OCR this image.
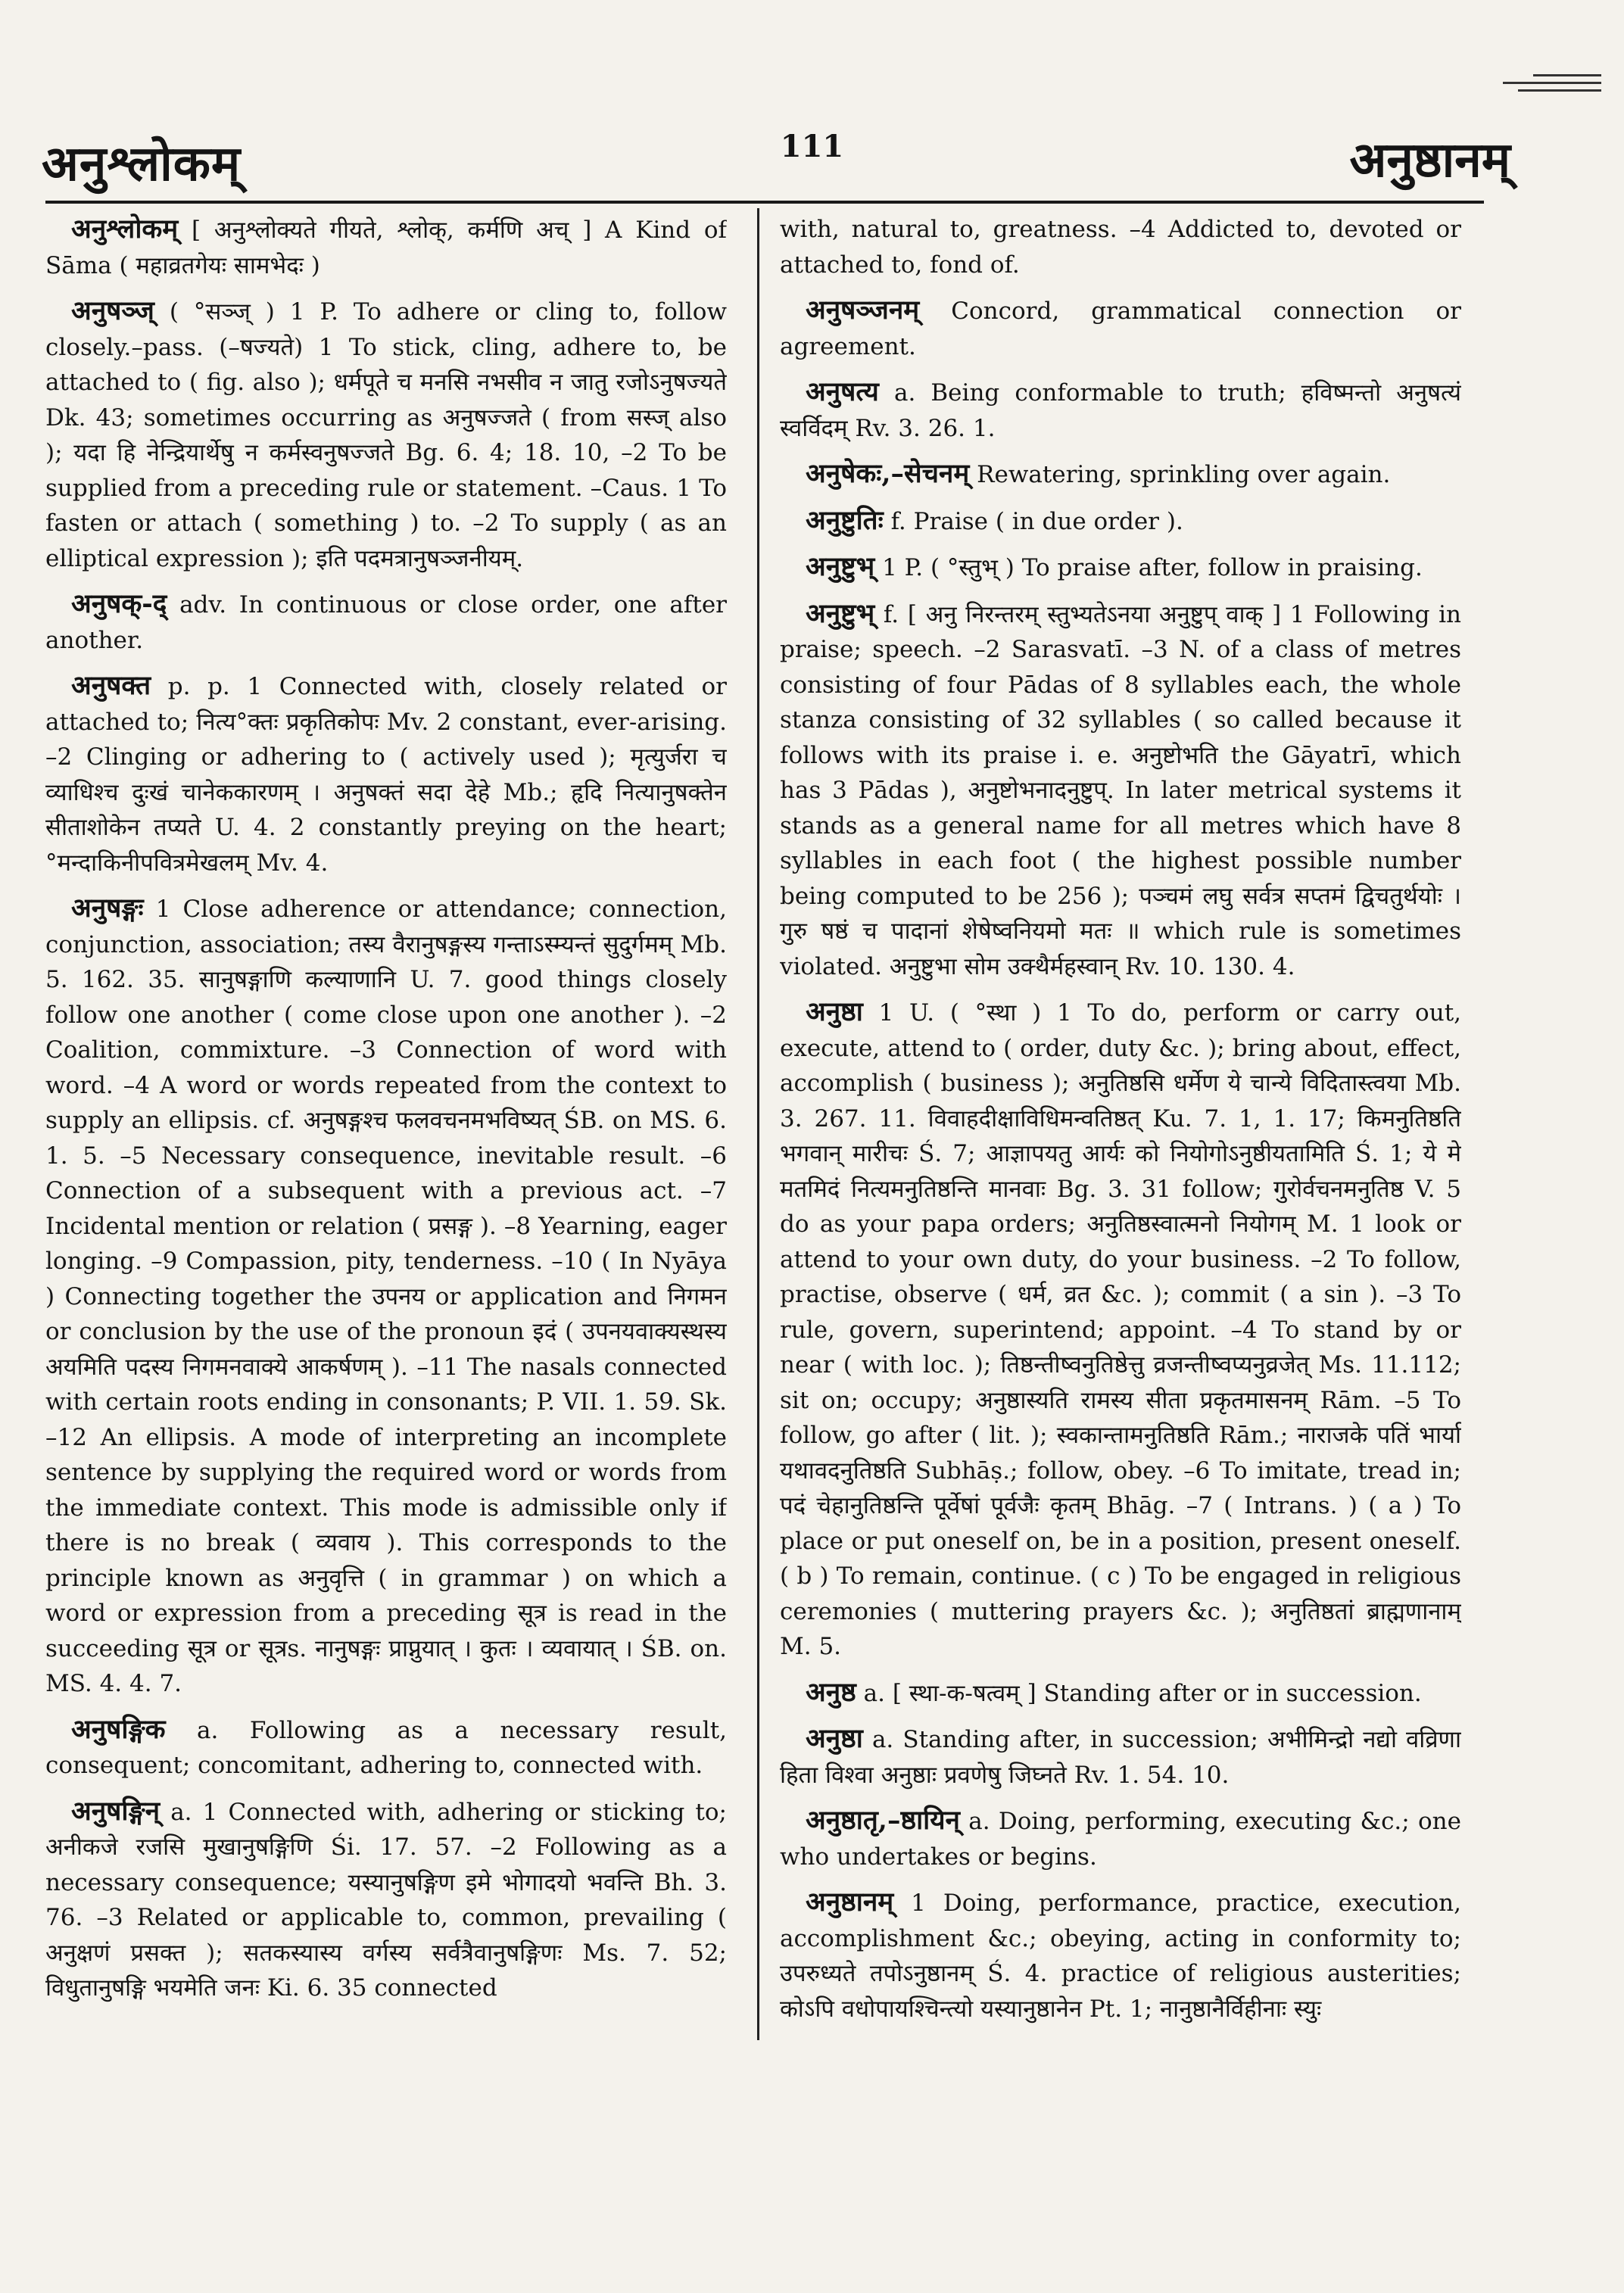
अनुश्लोकम्	111	अनुष्ठानम्

अनुश्लोकम् [ अनुश्लोक्यते गीयते, श्लोक्, कर्मणि अच् ] A Kind of Sāma ( महाव्रतगेयः सामभेदः )

अनुषञ्ज् ( °सञ्ज् ) 1 P. To adhere or cling to, follow closely.–pass. (–षज्यते) 1 To stick, cling, adhere to, be attached to ( fig. also ); धर्मपूते च मनसि नभसीव न जातु रजोऽनुषज्यते Dk. 43; sometimes occurring as अनुषज्जते ( from सस्ज् also ); यदा हि नेन्द्रियार्थेषु न कर्मस्वनुषज्जते Bg. 6. 4; 18. 10, –2 To be supplied from a preceding rule or statement. –Caus. 1 To fasten or attach ( something ) to. –2 To supply ( as an elliptical expression ); इति पदमत्रानुषञ्जनीयम्.

अनुषक्-द् adv. In continuous or close order, one after another.

अनुषक्त p. p. 1 Connected with, closely related or attached to; नित्य°क्तः प्रकृतिकोपः Mv. 2 constant, ever-arising. –2 Clinging or adhering to ( actively used ); मृत्युर्जरा च व्याधिश्च दुःखं चानेककारणम् । अनुषक्तं सदा देहे Mb.; हृदि नित्यानुषक्तेन सीताशोकेन तप्यते U. 4. 2 constantly preying on the heart; °मन्दाकिनीपवित्रमेखलम् Mv. 4.

अनुषङ्गः 1 Close adherence or attendance; connection, conjunction, association; तस्य वैरानुषङ्गस्य गन्ताऽस्म्यन्तं सुदुर्गमम् Mb. 5. 162. 35. सानुषङ्गाणि कल्याणानि U. 7. good things closely follow one another ( come close upon one another ). –2 Coalition, commixture. –3 Connection of word with word. –4 A word or words repeated from the context to supply an ellipsis. cf. अनुषङ्गश्च फलवचनमभविष्यत् ŚB. on MS. 6. 1. 5. –5 Necessary consequence, inevitable result. –6 Connection of a subsequent with a previous act. –7 Incidental mention or relation ( प्रसङ्ग ). –8 Yearning, eager longing. –9 Compassion, pity, tenderness. –10 ( In Nyāya ) Connecting together the उपनय or application and निगमन or conclusion by the use of the pronoun इदं ( उपनयवाक्यस्थस्य अयमिति पदस्य निगमनवाक्ये आकर्षणम् ). –11 The nasals connected with certain roots ending in consonants; P. VII. 1. 59. Sk. –12 An ellipsis. A mode of interpreting an incomplete sentence by supplying the required word or words from the immediate context. This mode is admissible only if there is no break ( व्यवाय ). This corresponds to the principle known as अनुवृत्ति ( in grammar ) on which a word or expression from a preceding सूत्र is read in the succeeding सूत्र or सूत्रs. नानुषङ्गः प्राप्नुयात् । कुतः । व्यवायात् । ŚB. on. MS. 4. 4. 7.

अनुषङ्गिक a. Following as a necessary result, consequent; concomitant, adhering to, connected with.

अनुषङ्गिन् a. 1 Connected with, adhering or sticking to; अनीकजे रजसि मुखानुषङ्गिणि Śi. 17. 57. –2 Following as a necessary consequence; यस्यानुषङ्गिण इमे भोगादयो भवन्ति Bh. 3. 76. –3 Related or applicable to, common, prevailing ( अनुक्षणं प्रसक्त ); सतकस्यास्य वर्गस्य सर्वत्रैवानुषङ्गिणः Ms. 7. 52; विधुतानुषङ्गि भयमेति जनः Ki. 6. 35 connected

with, natural to, greatness. –4 Addicted to, devoted or attached to, fond of.

अनुषञ्जनम् Concord, grammatical connection or agreement.

अनुषत्य a. Being conformable to truth; हविष्मन्तो अनुषत्यं स्वर्विदम् Rv. 3. 26. 1.

अनुषेकः,–सेचनम् Rewatering, sprinkling over again.

अनुष्टुतिः f. Praise ( in due order ).

अनुष्टुभ् 1 P. ( °स्तुभ् ) To praise after, follow in praising.

अनुष्टुभ् f. [ अनु निरन्तरम् स्तुभ्यतेऽनया अनुष्टुप् वाक् ] 1 Following in praise; speech. –2 Sarasvatī. –3 N. of a class of metres consisting of four Pādas of 8 syllables each, the whole stanza consisting of 32 syllables ( so called because it follows with its praise i. e. अनुष्टोभति the Gāyatrī, which has 3 Pādas ), अनुष्टोभनादनुष्टुप्. In later metrical systems it stands as a general name for all metres which have 8 syllables in each foot ( the highest possible number being computed to be 256 ); पञ्चमं लघु सर्वत्र सप्तमं द्विचतुर्थयोः । गुरु षष्ठं च पादानां शेषेष्वनियमो मतः ॥ which rule is sometimes violated. अनुष्टुभा सोम उक्थैर्महस्वान् Rv. 10. 130. 4.

अनुष्ठा 1 U. ( °स्था ) 1 To do, perform or carry out, execute, attend to ( order, duty &c. ); bring about, effect, accomplish ( business ); अनुतिष्ठसि धर्मेण ये चान्ये विदितास्त्वया Mb. 3. 267. 11. विवाहदीक्षाविधिमन्वतिष्ठत् Ku. 7. 1, 1. 17; किमनुतिष्ठति भगवान् मारीचः Ś. 7; आज्ञापयतु आर्यः को नियोगोऽनुष्ठीयतामिति Ś. 1; ये मे मतमिदं नित्यमनुतिष्ठन्ति मानवाः Bg. 3. 31 follow; गुरोर्वचनमनुतिष्ठ V. 5 do as your papa orders; अनुतिष्ठस्वात्मनो नियोगम् M. 1 look or attend to your own duty, do your business. –2 To follow, practise, observe ( धर्म, व्रत &c. ); commit ( a sin ). –3 To rule, govern, superintend; appoint. –4 To stand by or near ( with loc. ); तिष्ठन्तीष्वनुतिष्ठेत्तु व्रजन्तीष्वप्यनुव्रजेत् Ms. 11.112; sit on; occupy; अनुष्ठास्यति रामस्य सीता प्रकृतमासनम् Rām. –5 To follow, go after ( lit. ); स्वकान्तामनुतिष्ठति Rām.; नाराजके पतिं भार्या यथावदनुतिष्ठति Subhāṣ.; follow, obey. –6 To imitate, tread in; पदं चेहानुतिष्ठन्ति पूर्वेषां पूर्वजैः कृतम् Bhāg. –7 ( Intrans. ) ( a ) To place or put oneself on, be in a position, present oneself. ( b ) To remain, continue. ( c ) To be engaged in religious ceremonies ( muttering prayers &c. ); अनुतिष्ठतां ब्राह्मणानाम् M. 5.

अनुष्ठ a. [ स्था-क-षत्वम् ] Standing after or in succession.

अनुष्ठा a. Standing after, in succession; अभीमिन्द्रो नद्यो वव्रिणा हिता विश्वा अनुष्ठाः प्रवणेषु जिघ्नते Rv. 1. 54. 10.

अनुष्ठातृ,–ष्ठायिन् a. Doing, performing, executing &c.; one who undertakes or begins.

अनुष्ठानम् 1 Doing, performance, practice, execution, accomplishment &c.; obeying, acting in conformity to; उपरुध्यते तपोऽनुष्ठानम् Ś. 4. practice of religious austerities; कोऽपि वधोपायश्चिन्त्यो यस्यानुष्ठानेन Pt. 1; नानुष्ठानैर्विहीनाः स्युः
